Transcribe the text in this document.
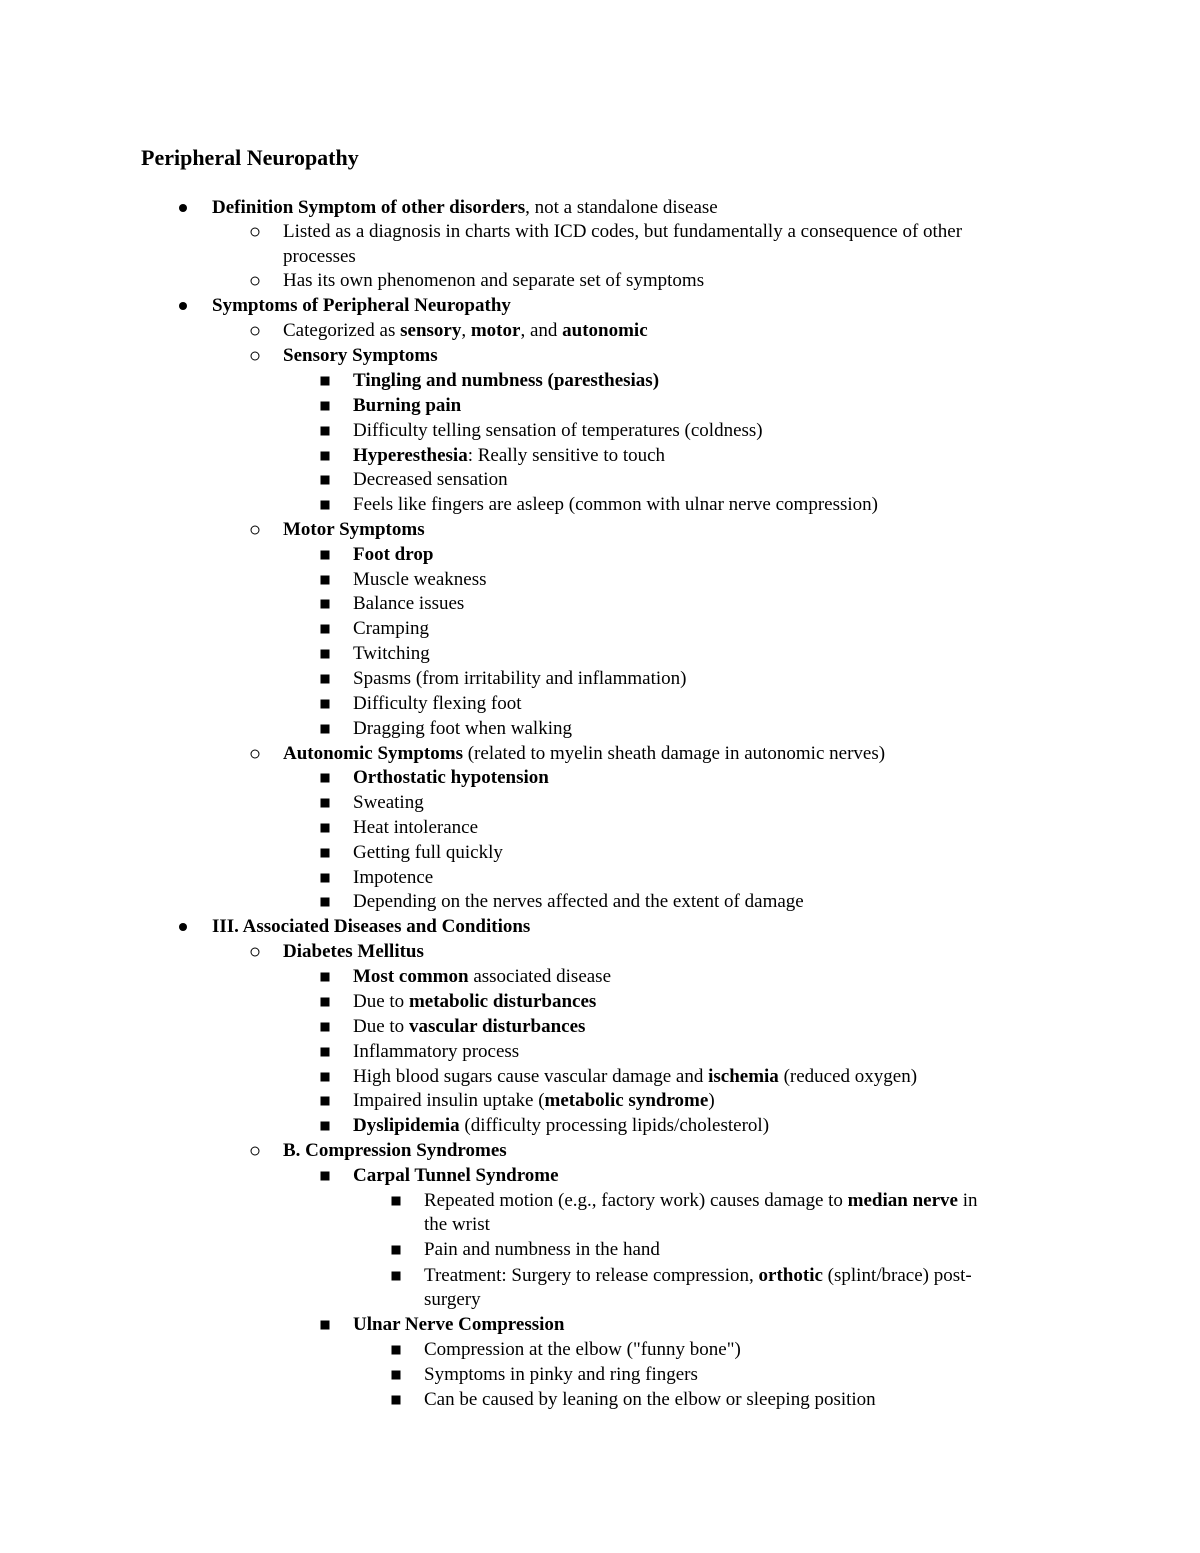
Peripheral Neuropathy

Definition Symptom of other disorders, not a standalone disease

Listed as a diagnosis in charts with ICD codes, but fundamentally a consequence of other

processes

Has its own phenomenon and separate set of symptoms

Symptoms of Peripheral Neuropathy

Categorized as sensory, motor, and autonomic

Sensory Symptoms

Tingling and numbness (paresthesias)

Burning pain

Difficulty telling sensation of temperatures (coldness)

Hyperesthesia: Really sensitive to touch

Decreased sensation

Feels like fingers are asleep (common with ulnar nerve compression)

Motor Symptoms

Foot drop

Muscle weakness

Balance issues

Cramping

Twitching

Spasms (from irritability and inflammation)

Difficulty flexing foot

Dragging foot when walking

Autonomic Symptoms (related to myelin sheath damage in autonomic nerves)

Orthostatic hypotension

Sweating

Heat intolerance

Getting full quickly

Impotence

Depending on the nerves affected and the extent of damage

III. Associated Diseases and Conditions

Diabetes Mellitus

Most common associated disease

Due to metabolic disturbances

Due to vascular disturbances

Inflammatory process

High blood sugars cause vascular damage and ischemia (reduced oxygen)

Impaired insulin uptake (metabolic syndrome)

Dyslipidemia (difficulty processing lipids/cholesterol)

B. Compression Syndromes

Carpal Tunnel Syndrome

Repeated motion (e.g., factory work) causes damage to median nerve in

the wrist

Pain and numbness in the hand

Treatment: Surgery to release compression, orthotic (splint/brace) post-

surgery

Ulnar Nerve Compression

Compression at the elbow ("funny bone")

Symptoms in pinky and ring fingers

Can be caused by leaning on the elbow or sleeping position
